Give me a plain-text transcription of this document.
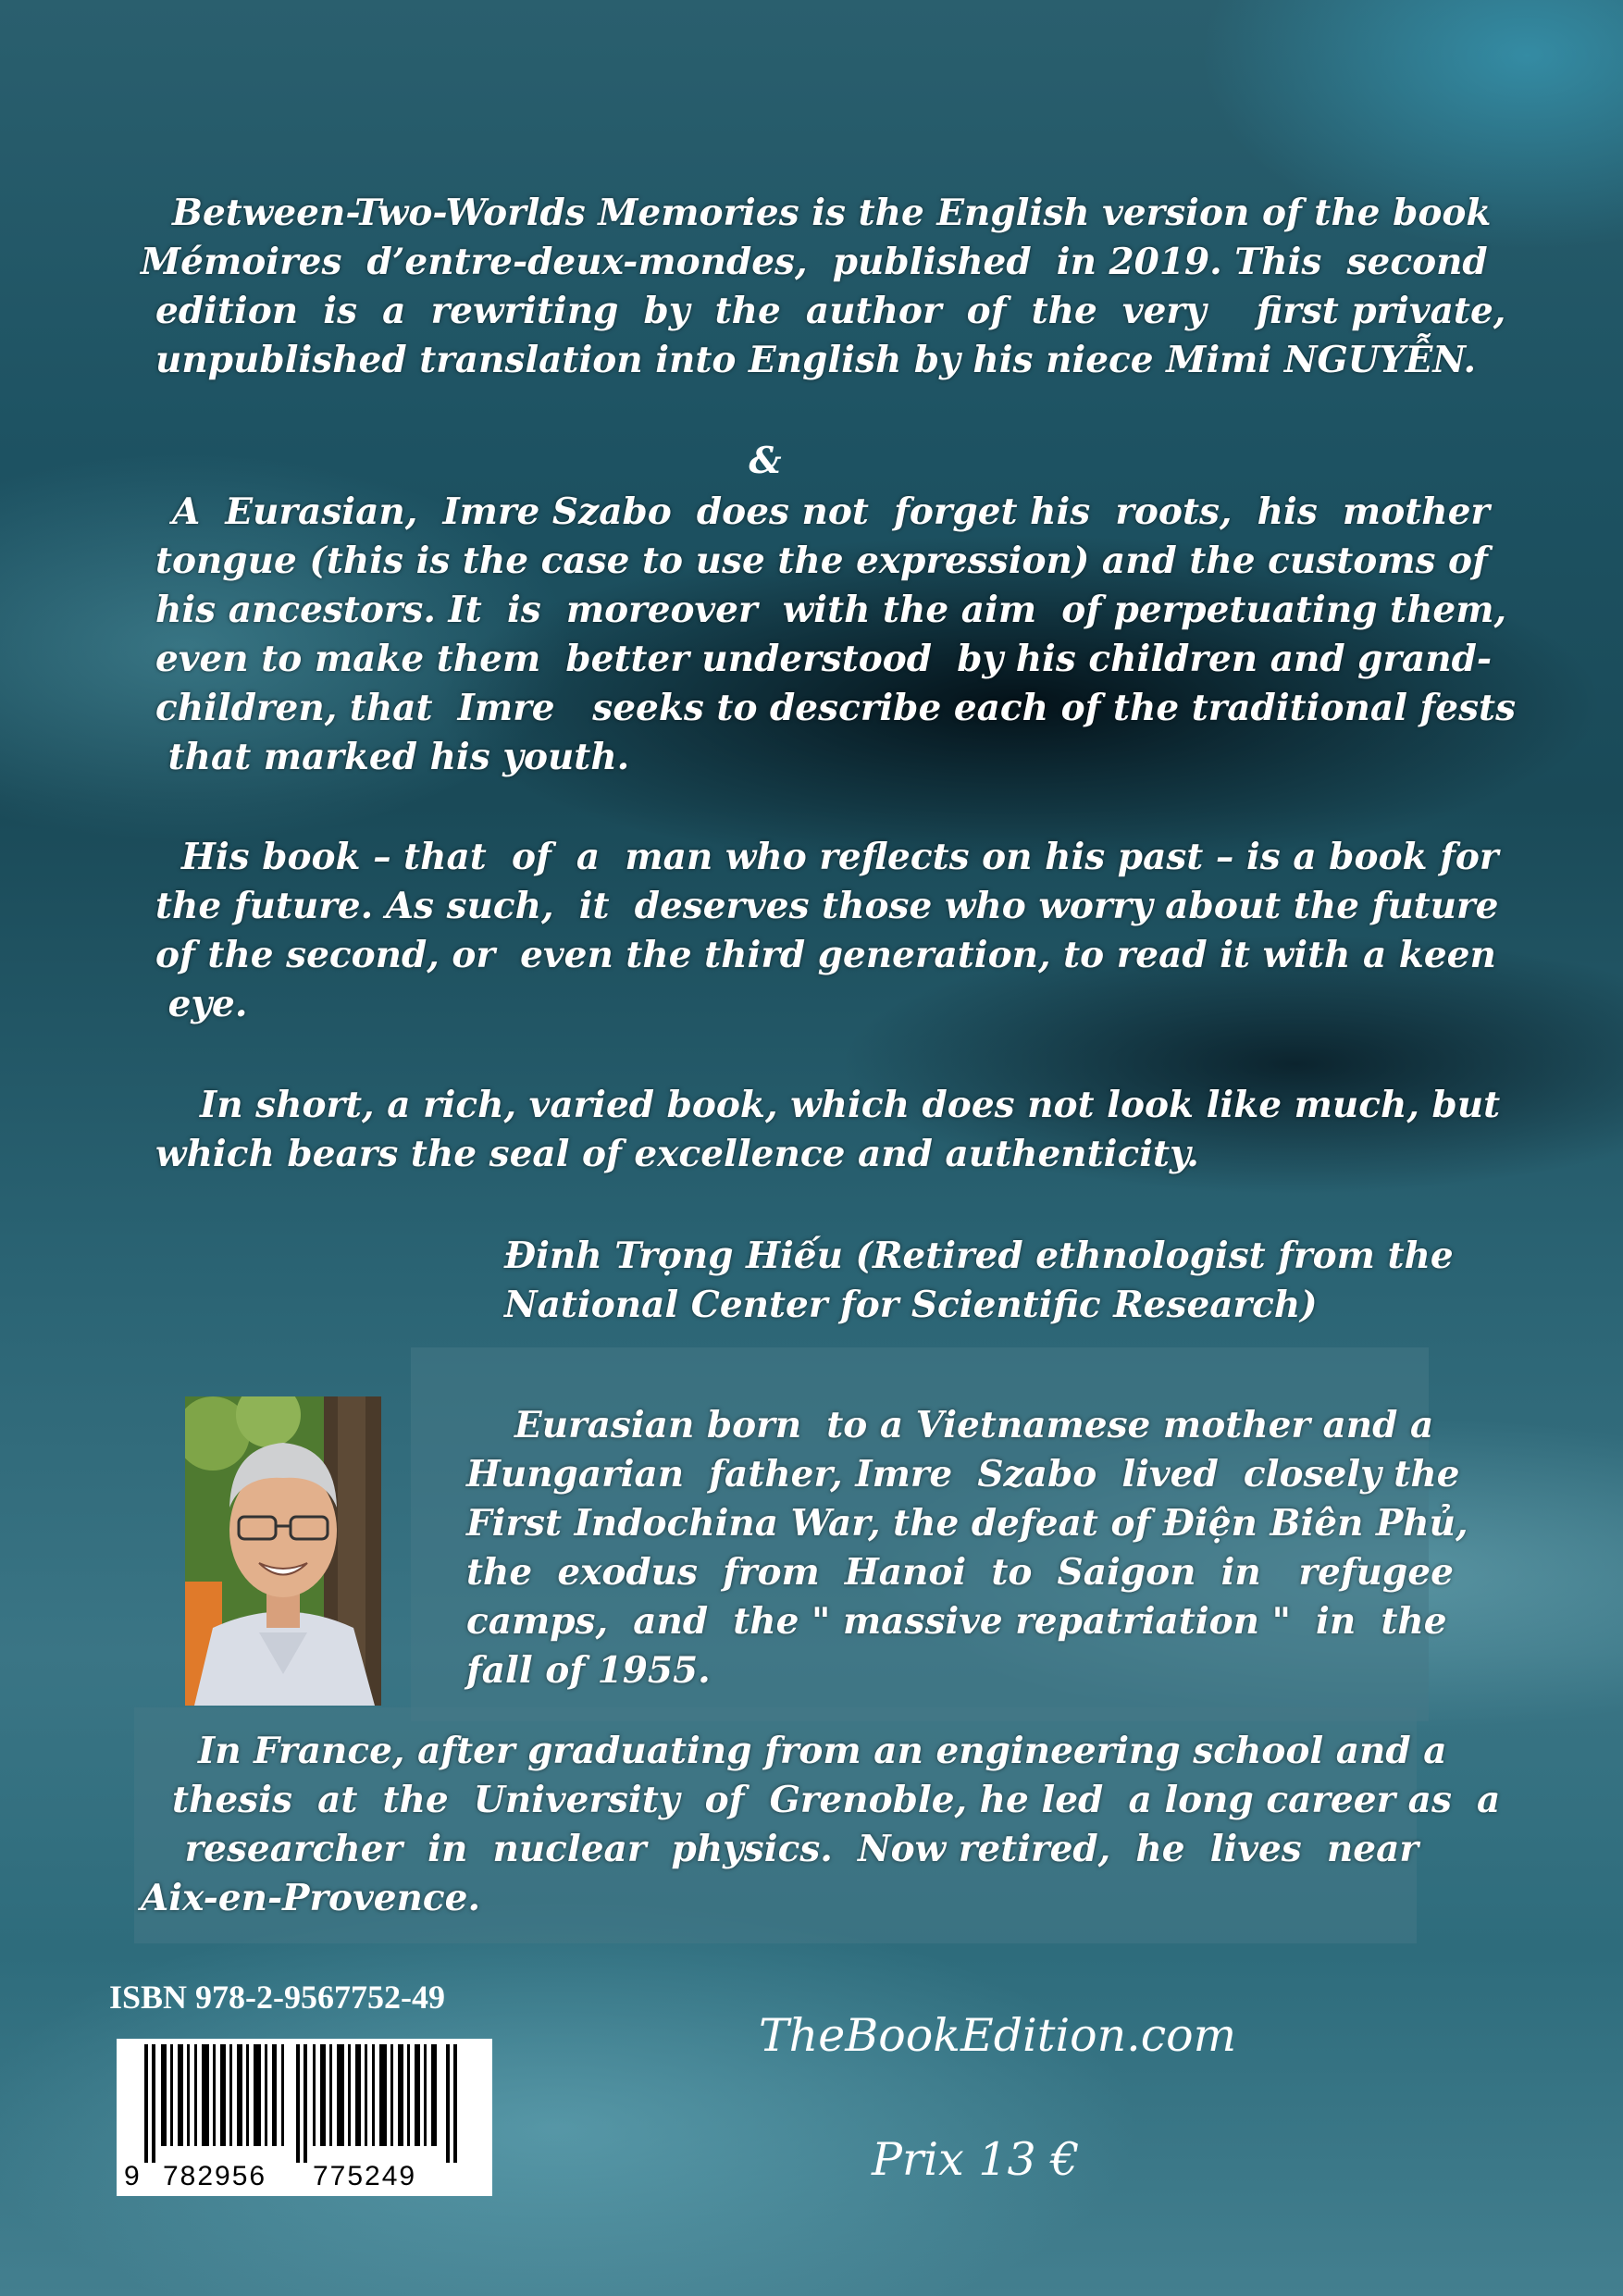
Between-Two-Worlds Memories is the English version of the book
Mémoires  d’entre-deux-mondes,  published  in 2019. This  second
edition  is  a  rewriting  by  the  author  of  the  very    first private,
unpublished translation into English by his niece Mimi NGUYỄN.
&
A  Eurasian,  Imre Szabo  does not  forget his  roots,  his  mother
tongue (this is the case to use the expression) and the customs of
his ancestors. It  is  moreover  with the aim  of perpetuating them,
even to make them  better understood  by his children and grand-
children, that  Imre   seeks to describe each of the traditional fests
that marked his youth.
His book – that  of  a  man who reflects on his past – is a book for
the future. As such,  it  deserves those who worry about the future
of the second, or  even the third generation, to read it with a keen
eye.
In short, a rich, varied book, which does not look like much, but
which bears the seal of excellence and authenticity.
Đinh Trọng Hiếu (Retired ethnologist from the
National Center for Scientific Research)
Eurasian born  to a Vietnamese mother and a
Hungarian  father, Imre  Szabo  lived  closely the
First Indochina War, the defeat of Điện Biên Phủ,
the  exodus  from  Hanoi  to  Saigon  in   refugee
camps,  and  the " massive repatriation "  in  the
fall of 1955.
In France, after graduating from an engineering school and a
thesis  at  the  University  of  Grenoble, he led  a long career as  a
researcher  in  nuclear  physics.  Now retired,  he  lives  near
Aix-en-Provence.
ISBN 978-2-9567752-49
9 782956 775249
TheBookEdition.com
Prix 13 €
